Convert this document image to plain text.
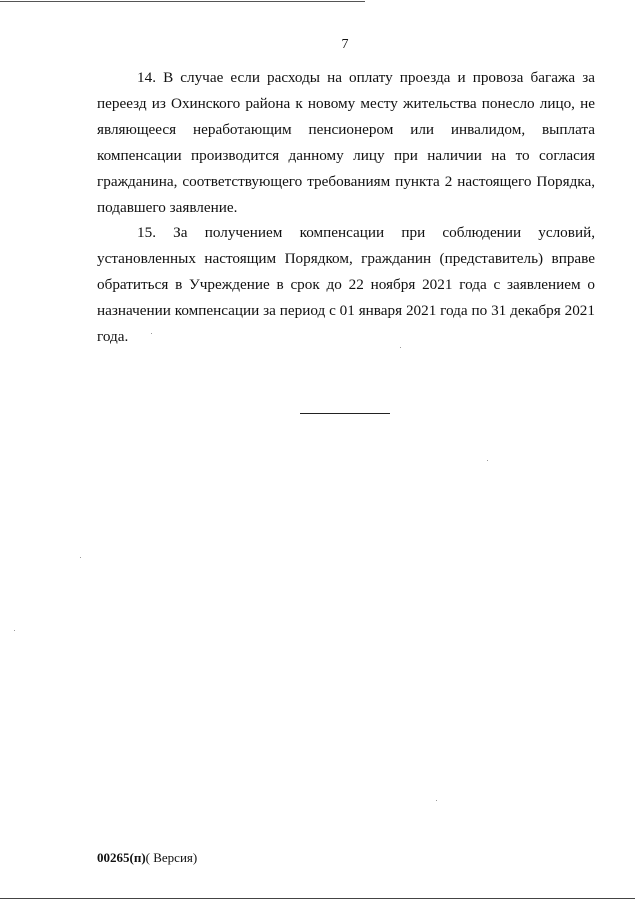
7

14. В случае если расходы на оплату проезда и провоза багажа за переезд из Охинского района к новому месту жительства понесло лицо, не являющееся неработающим пенсионером или инвалидом, выплата компенсации производится данному лицу при наличии на то согласия гражданина, соответствующего требованиям пункта 2 настоящего Порядка, подавшего заявление.

15. За получением компенсации при соблюдении условий, установленных настоящим Порядком, гражданин (представитель) вправе обратиться в Учреждение в срок до 22 ноября 2021 года с заявлением о назначении компенсации за период с 01 января 2021 года по 31 декабря 2021 года.

00265(п)( Версия)
